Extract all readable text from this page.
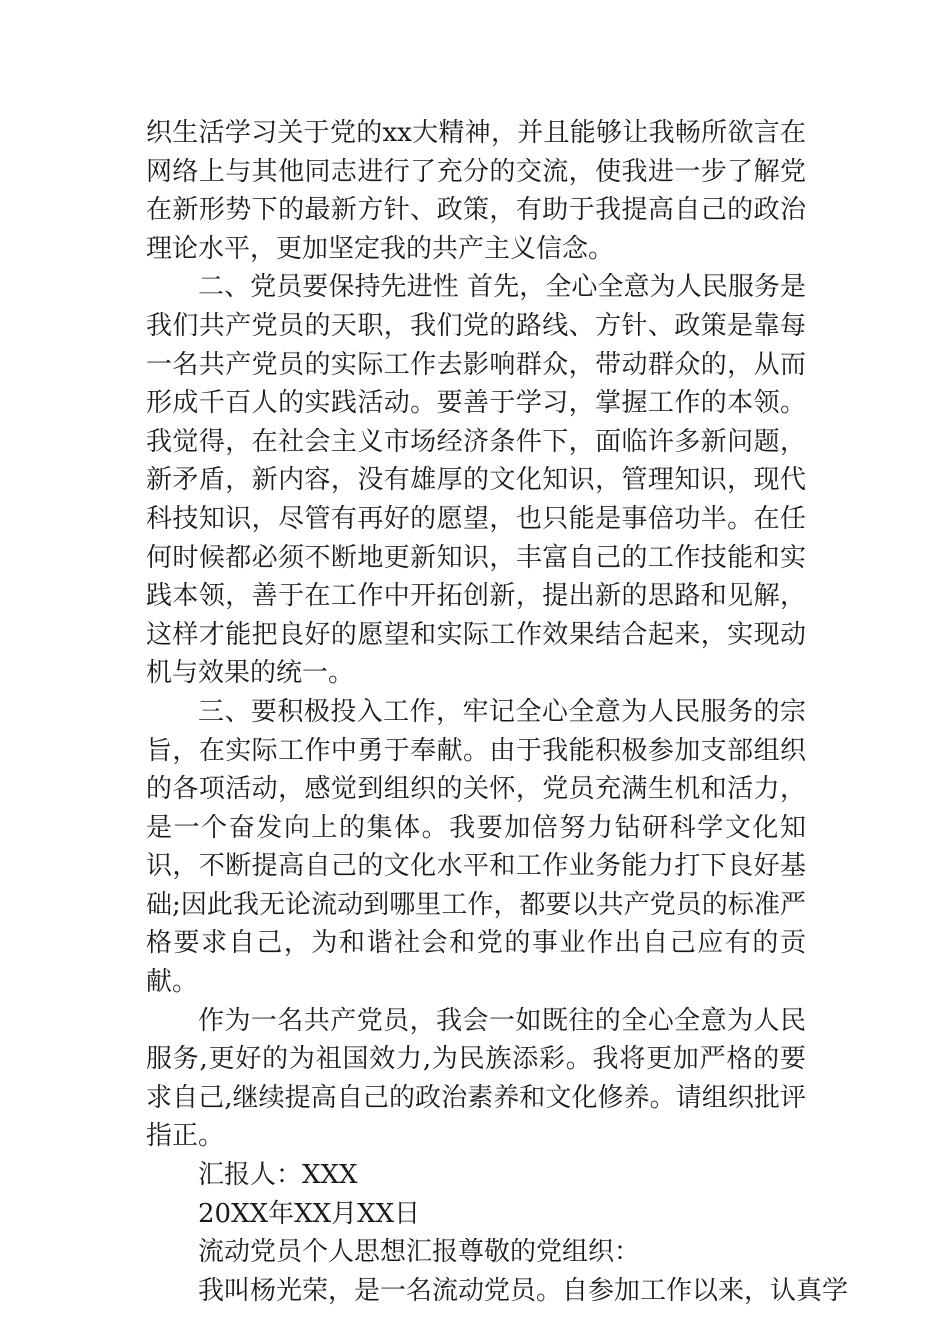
织生活学习关于党的xx大精神，并且能够让我畅所欲言在网络上与其他同志进行了充分的交流，使我进一步了解党在新形势下的最新方针、政策，有助于我提高自己的政治理论水平，更加坚定我的共产主义信念。

二、党员要保持先进性 首先，全心全意为人民服务是我们共产党员的天职，我们党的路线、方针、政策是靠每一名共产党员的实际工作去影响群众，带动群众的，从而形成千百人的实践活动。要善于学习，掌握工作的本领。我觉得，在社会主义市场经济条件下，面临许多新问题，新矛盾，新内容，没有雄厚的文化知识，管理知识，现代科技知识，尽管有再好的愿望，也只能是事倍功半。在任何时候都必须不断地更新知识，丰富自己的工作技能和实践本领，善于在工作中开拓创新，提出新的思路和见解，这样才能把良好的愿望和实际工作效果结合起来，实现动机与效果的统一。

三、要积极投入工作，牢记全心全意为人民服务的宗旨，在实际工作中勇于奉献。由于我能积极参加支部组织的各项活动，感觉到组织的关怀，党员充满生机和活力，是一个奋发向上的集体。我要加倍努力钻研科学文化知识，不断提高自己的文化水平和工作业务能力打下良好基础;因此我无论流动到哪里工作，都要以共产党员的标准严格要求自己，为和谐社会和党的事业作出自己应有的贡献。

作为一名共产党员，我会一如既往的全心全意为人民服务,更好的为祖国效力,为民族添彩。我将更加严格的要求自己,继续提高自己的政治素养和文化修养。请组织批评指正。

汇报人：XXX

20XX年XX月XX日

流动党员个人思想汇报尊敬的党组织：

我叫杨光荣，是一名流动党员。自参加工作以来，认真学
